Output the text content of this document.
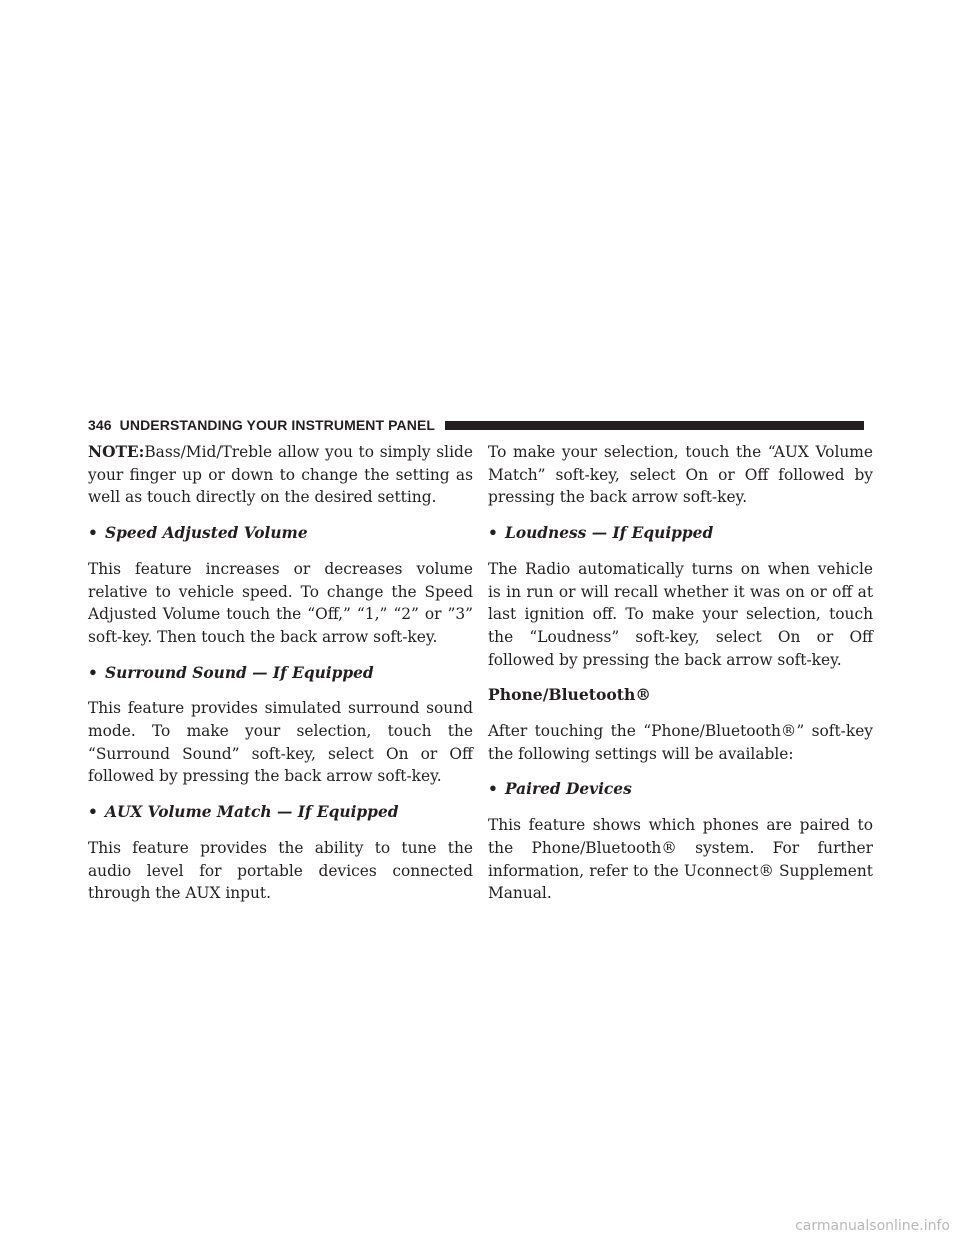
346 UNDERSTANDING YOUR INSTRUMENT PANEL

NOTE:Bass/Mid/Treble allow you to simply slide your finger up or down to change the setting as well as touch directly on the desired setting.

• Speed Adjusted Volume

This feature increases or decreases volume relative to vehicle speed. To change the Speed Adjusted Volume touch the “Off,” “1,” “2” or ”3” soft-key. Then touch the back arrow soft-key.

• Surround Sound — If Equipped

This feature provides simulated surround sound mode. To make your selection, touch the “Surround Sound” soft-key, select On or Off followed by pressing the back arrow soft-key.

• AUX Volume Match — If Equipped

This feature provides the ability to tune the audio level for portable devices connected through the AUX input.

To make your selection, touch the “AUX Volume Match” soft-key, select On or Off followed by pressing the back arrow soft-key.

• Loudness — If Equipped

The Radio automatically turns on when vehicle is in run or will recall whether it was on or off at last ignition off. To make your selection, touch the “Loudness” soft-key, select On or Off followed by pressing the back arrow soft-key.

Phone/Bluetooth®

After touching the “Phone/Bluetooth®” soft-key the following settings will be available:

• Paired Devices

This feature shows which phones are paired to the Phone/Bluetooth® system. For further information, refer to the Uconnect® Supplement Manual.

carmanualsonline.info
